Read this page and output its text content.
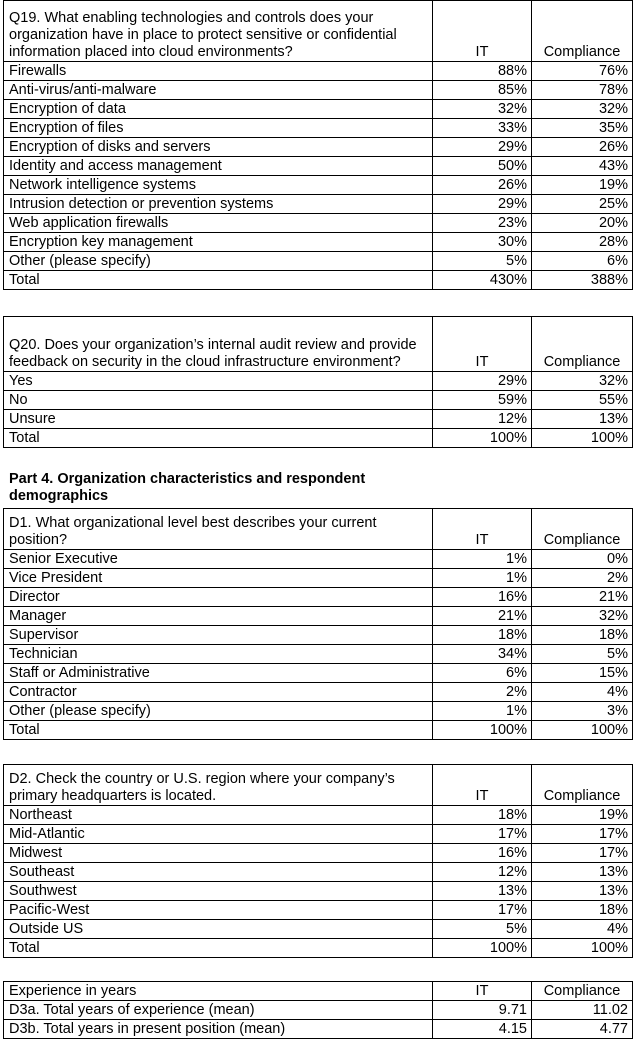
Q19. What enabling technologies and controls does your organization have in place to protect sensitive or confidential information placed into cloud environments?	IT	Compliance
Firewalls	88%	76%
Anti-virus/anti-malware	85%	78%
Encryption of data	32%	32%
Encryption of files	33%	35%
Encryption of disks and servers	29%	26%
Identity and access management	50%	43%
Network intelligence systems	26%	19%
Intrusion detection or prevention systems	29%	25%
Web application firewalls	23%	20%
Encryption key management	30%	28%
Other (please specify)	5%	6%
Total	430%	388%
Q20. Does your organization’s internal audit review and provide feedback on security in the cloud infrastructure environment?	IT	Compliance
Yes	29%	32%
No	59%	55%
Unsure	12%	13%
Total	100%	100%
Part 4. Organization characteristics and respondent demographics
D1. What organizational level best describes your current position?	IT	Compliance
Senior Executive	1%	0%
Vice President	1%	2%
Director	16%	21%
Manager	21%	32%
Supervisor	18%	18%
Technician	34%	5%
Staff or Administrative	6%	15%
Contractor	2%	4%
Other (please specify)	1%	3%
Total	100%	100%
D2. Check the country or U.S. region where your company’s primary headquarters is located.	IT	Compliance
Northeast	18%	19%
Mid-Atlantic	17%	17%
Midwest	16%	17%
Southeast	12%	13%
Southwest	13%	13%
Pacific-West	17%	18%
Outside US	5%	4%
Total	100%	100%
Experience in years	IT	Compliance
D3a. Total years of experience (mean)	9.71	11.02
D3b. Total years in present position (mean)	4.15	4.77
